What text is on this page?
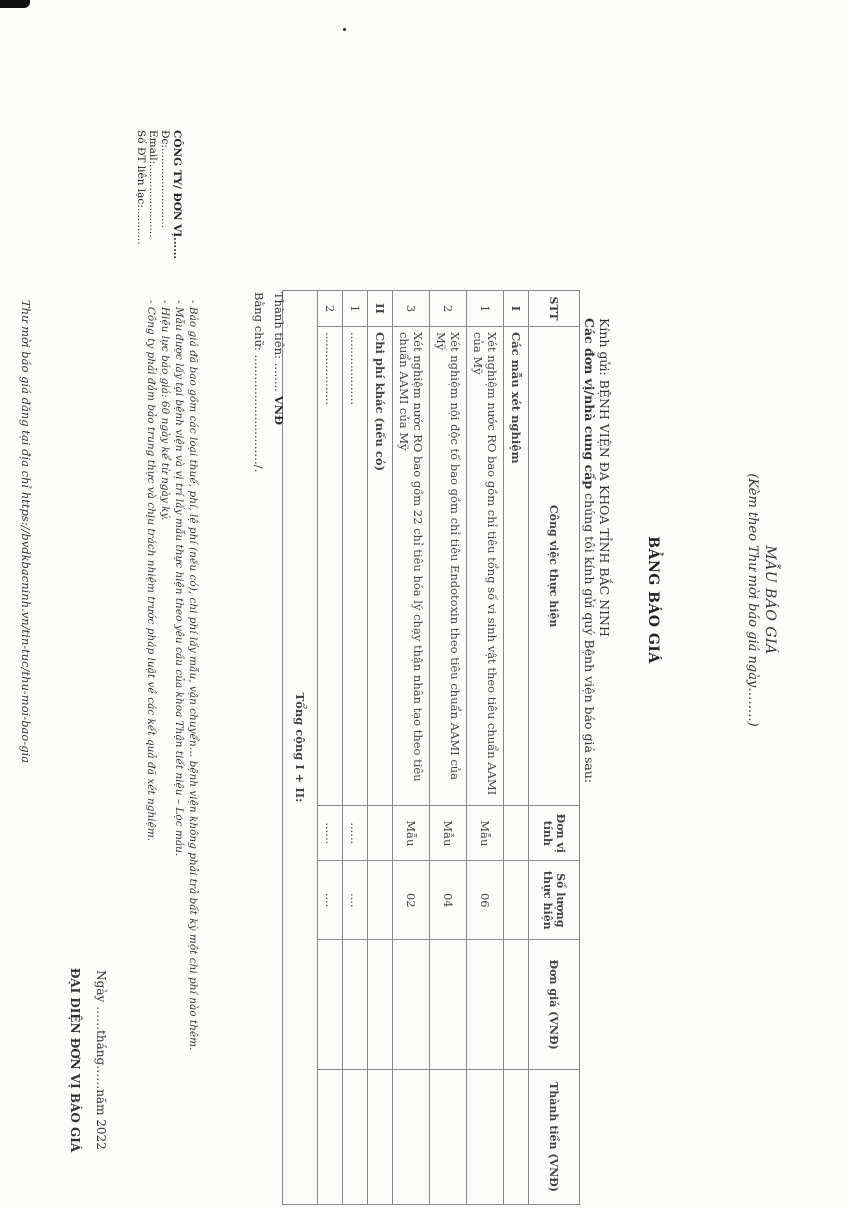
CÔNG TY/ ĐƠN VỊ......
Đc:........................
Email:......................
Số ĐT liên lạc:...........
MẪU BÁO GIÁ
(Kèm theo Thư mời báo giá ngày……..)
BẢNG BÁO GIÁ
Kính gửi: BỆNH VIỆN ĐA KHOA TỈNH BẮC NINH
Các đơn vị/nhà cung cấp chúng tôi kính gửi quý Bệnh viện báo giá sau:
STT	Công việc thực hiện	Đơn vị tính	Số lượng thực hiện	Đơn giá (VNĐ)	Thành tiền (VNĐ)
I	Các mẫu xét nghiệm				
1	Xét nghiệm nước RO bao gồm chỉ tiêu tổng số vi sinh vật theo tiêu chuẩn AAMI của Mỹ	Mẫu	06		
2	Xét nghiệm nội độc tố bao gồm chỉ tiêu Endotoxin theo tiêu chuẩn AAMI của Mỹ	Mẫu	04		
3	Xét nghiệm nước RO bao gồm 22 chỉ tiêu hóa lý chạy thận nhân tạo theo tiêu chuẩn AAMI của Mỹ	Mẫu	02		
II	Chi phí khác (nếu có)				
1	....................	......	....		
2	....................	......	....		
Tổng cộng I + II:					
Thành tiền: ........ VNĐ
Bằng chữ: ...........................…/.
- Báo giá đã bao gồm các loại thuế, phí, lệ phí (nếu có), chi phí lấy mẫu, vận chuyển… bệnh viện không phải trả bất kỳ một chi phí nào thêm.
- Mẫu được lấy tại bệnh viện và vị trí lấy mẫu thực hiện theo yêu cầu của khoa Thận tiết niệu – Lọc máu.
- Hiệu lực báo giá: 60 ngày kể từ ngày ký.
- Công ty phải đảm bảo trung thực và chịu trách nhiệm trước pháp luật về các kết quả đã xét nghiệm.
Ngày ……tháng……năm 2022
ĐẠI DIỆN ĐƠN VỊ BÁO GIÁ
Thư mời báo giá đăng tại địa chỉ https://bvdkbacninh.vn/tin-tuc/thu-moi-bao-gia
